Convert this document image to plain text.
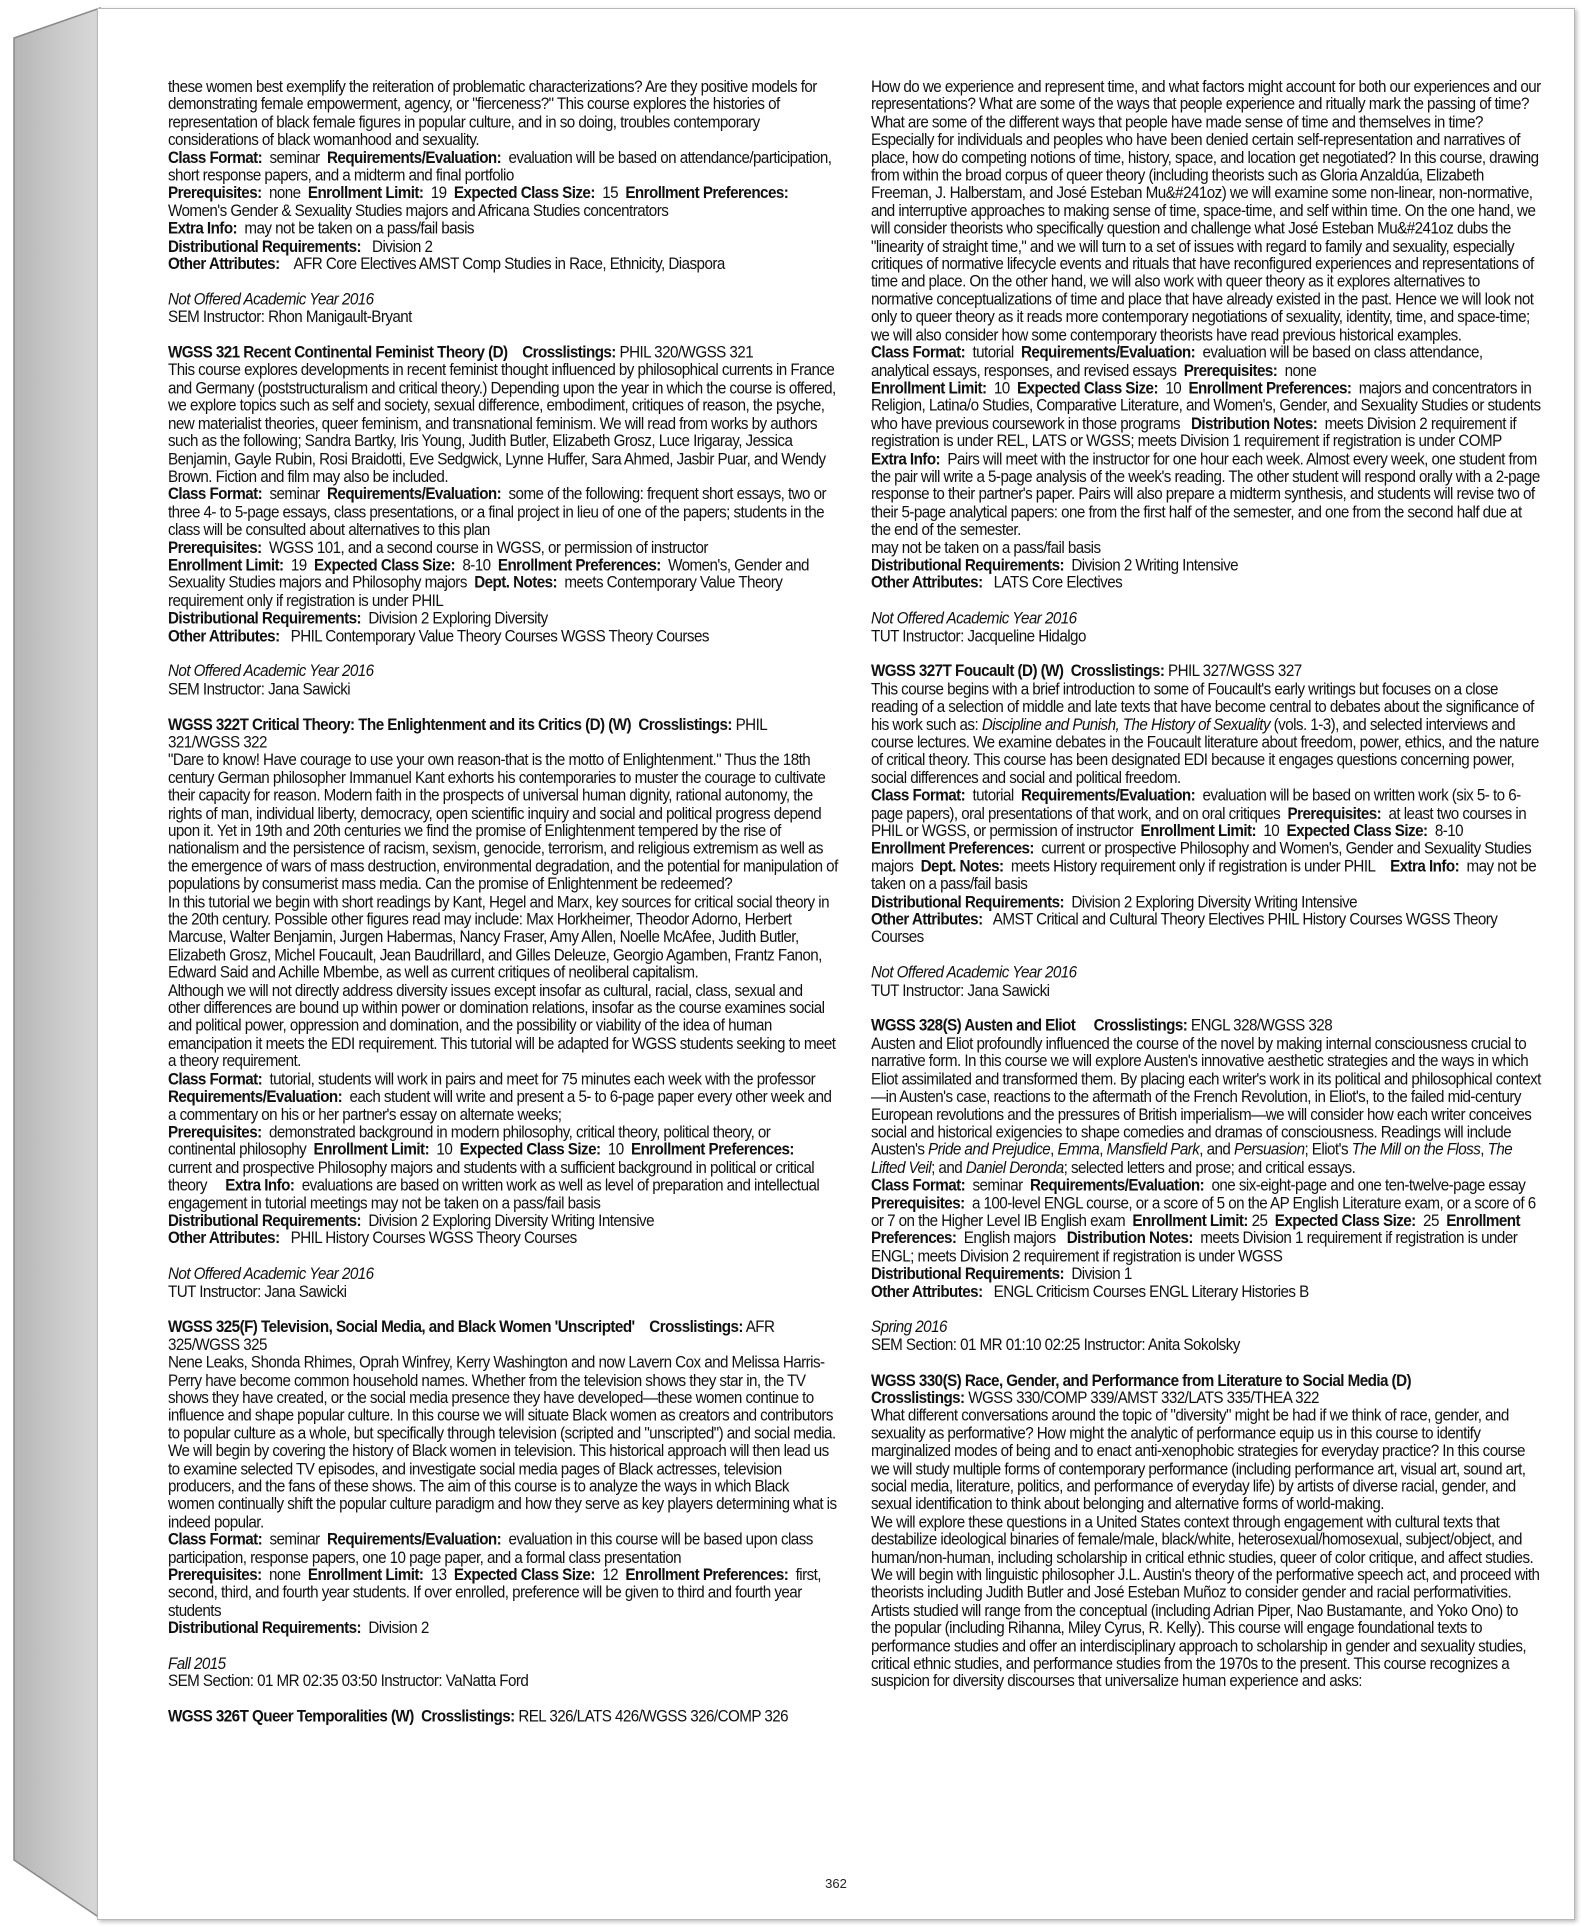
these women best exemplify the reiteration of problematic characterizations? Are they positive models for demonstrating female empowerment, agency, or "fierceness?" This course explores the histories of representation of black female figures in popular culture, and in so doing, troubles contemporary considerations of black womanhood and sexuality.

Class Format: seminar Requirements/Evaluation: evaluation will be based on attendance/participation, short response papers, and a midterm and final portfolio

Prerequisites: none Enrollment Limit: 19 Expected Class Size: 15 Enrollment Preferences:  Women's Gender & Sexuality Studies majors and Africana Studies concentrators

Extra Info: may not be taken on a pass/fail basis

Distributional Requirements: Division 2

Other Attributes: AFR Core Electives AMST Comp Studies in Race, Ethnicity, Diaspora

Not Offered Academic Year 2016

SEM Instructor: Rhon Manigault-Bryant

WGSS 321 Recent Continental Feminist Theory (D) Crosslistings: PHIL 320/WGSS 321

This course explores developments in recent feminist thought influenced by philosophical currents in France and Germany (poststructuralism and critical theory.) Depending upon the year in which the course is offered, we explore topics such as self and society, sexual difference, embodiment, critiques of reason, the psyche, new materialist theories, queer feminism, and transnational feminism. We will read from works by authors such as the following; Sandra Bartky, Iris Young, Judith Butler, Elizabeth Grosz, Luce Irigaray, Jessica Benjamin, Gayle Rubin, Rosi Braidotti, Eve Sedgwick, Lynne Huffer, Sara Ahmed, Jasbir Puar, and Wendy Brown. Fiction and film may also be included.

Class Format: seminar Requirements/Evaluation: some of the following: frequent short essays, two or three 4- to 5-page essays, class presentations, or a final project in lieu of one of the papers; students in the class will be consulted about alternatives to this plan

Prerequisites: WGSS 101, and a second course in WGSS, or permission of instructor

Enrollment Limit: 19 Expected Class Size: 8-10 Enrollment Preferences: Women's, Gender and Sexuality Studies majors and Philosophy majors Dept. Notes: meets Contemporary Value Theory requirement only if registration is under PHIL

Distributional Requirements: Division 2 Exploring Diversity

Other Attributes: PHIL Contemporary Value Theory Courses WGSS Theory Courses

Not Offered Academic Year 2016

SEM Instructor: Jana Sawicki

WGSS 322T Critical Theory: The Enlightenment and its Critics (D) (W) Crosslistings: PHIL 321/WGSS 322

"Dare to know! Have courage to use your own reason-that is the motto of Enlightenment." Thus the 18th century German philosopher Immanuel Kant exhorts his contemporaries to muster the courage to cultivate their capacity for reason. Modern faith in the prospects of universal human dignity, rational autonomy, the rights of man, individual liberty, democracy, open scientific inquiry and social and political progress depend upon it. Yet in 19th and 20th centuries we find the promise of Enlightenment tempered by the rise of nationalism and the persistence of racism, sexism, genocide, terrorism, and religious extremism as well as the emergence of wars of mass destruction, environmental degradation, and the potential for manipulation of populations by consumerist mass media. Can the promise of Enlightenment be redeemed?

In this tutorial we begin with short readings by Kant, Hegel and Marx, key sources for critical social theory in the 20th century. Possible other figures read may include: Max Horkheimer, Theodor Adorno, Herbert Marcuse, Walter Benjamin, Jurgen Habermas, Nancy Fraser, Amy Allen, Noelle McAfee, Judith Butler, Elizabeth Grosz, Michel Foucault, Jean Baudrillard, and Gilles Deleuze, Georgio Agamben, Frantz Fanon, Edward Said and Achille Mbembe, as well as current critiques of neoliberal capitalism.

Although we will not directly address diversity issues except insofar as cultural, racial, class, sexual and other differences are bound up within power or domination relations, insofar as the course examines social and political power, oppression and domination, and the possibility or viability of the idea of human emancipation it meets the EDI requirement. This tutorial will be adapted for WGSS students seeking to meet a theory requirement.

Class Format: tutorial, students will work in pairs and meet for 75 minutes each week with the professor  Requirements/Evaluation: each student will write and present a 5- to 6-page paper every other week and a commentary on his or her partner's essay on alternate weeks;

Prerequisites: demonstrated background in modern philosophy, critical theory, political theory, or continental philosophy Enrollment Limit: 10 Expected Class Size: 10 Enrollment Preferences:  current and prospective Philosophy majors and students with a sufficient background in political or critical theory Extra Info: evaluations are based on written work as well as level of preparation and intellectual engagement in tutorial meetings may not be taken on a pass/fail basis

Distributional Requirements: Division 2 Exploring Diversity Writing Intensive

Other Attributes: PHIL History Courses WGSS Theory Courses

Not Offered Academic Year 2016

TUT Instructor: Jana Sawicki

WGSS 325(F) Television, Social Media, and Black Women 'Unscripted' Crosslistings: AFR 325/WGSS 325

Nene Leaks, Shonda Rhimes, Oprah Winfrey, Kerry Washington and now Lavern Cox and Melissa Harris-Perry have become common household names. Whether from the television shows they star in, the TV shows they have created, or the social media presence they have developed—these women continue to influence and shape popular culture. In this course we will situate Black women as creators and contributors to popular culture as a whole, but specifically through television (scripted and "unscripted") and social media. We will begin by covering the history of Black women in television. This historical approach will then lead us to examine selected TV episodes, and investigate social media pages of Black actresses, television producers, and the fans of these shows. The aim of this course is to analyze the ways in which Black women continually shift the popular culture paradigm and how they serve as key players determining what is indeed popular.

Class Format: seminar Requirements/Evaluation: evaluation in this course will be based upon class participation, response papers, one 10 page paper, and a formal class presentation

Prerequisites: none Enrollment Limit: 13 Expected Class Size: 12 Enrollment Preferences: first, second, third, and fourth year students. If over enrolled, preference will be given to third and fourth year students

Distributional Requirements: Division 2

Fall 2015

SEM Section: 01 MR 02:35 03:50 Instructor: VaNatta Ford

WGSS 326T Queer Temporalities (W) Crosslistings: REL 326/LATS 426/WGSS 326/COMP 326

How do we experience and represent time, and what factors might account for both our experiences and our representations? What are some of the ways that people experience and ritually mark the passing of time? What are some of the different ways that people have made sense of time and themselves in time? Especially for individuals and peoples who have been denied certain self-representation and narratives of place, how do competing notions of time, history, space, and location get negotiated? In this course, drawing from within the broad corpus of queer theory (including theorists such as Gloria Anzaldúa, Elizabeth Freeman, J. Halberstam, and José Esteban Mu&#241oz) we will examine some non-linear, non-normative, and interruptive approaches to making sense of time, space-time, and self within time. On the one hand, we will consider theorists who specifically question and challenge what José Esteban Mu&#241oz dubs the "linearity of straight time," and we will turn to a set of issues with regard to family and sexuality, especially critiques of normative lifecycle events and rituals that have reconfigured experiences and representations of time and place. On the other hand, we will also work with queer theory as it explores alternatives to normative conceptualizations of time and place that have already existed in the past. Hence we will look not only to queer theory as it reads more contemporary negotiations of sexuality, identity, time, and space-time; we will also consider how some contemporary theorists have read previous historical examples.

Class Format: tutorial Requirements/Evaluation: evaluation will be based on class attendance, analytical essays, responses, and revised essays Prerequisites: none

Enrollment Limit: 10 Expected Class Size: 10 Enrollment Preferences: majors and concentrators in Religion, Latina/o Studies, Comparative Literature, and Women's, Gender, and Sexuality Studies or students who have previous coursework in those programs Distribution Notes: meets Division 2 requirement if registration is under REL, LATS or WGSS; meets Division 1 requirement if registration is under COMP  Extra Info: Pairs will meet with the instructor for one hour each week. Almost every week, one student from the pair will write a 5-page analysis of the week's reading. The other student will respond orally with a 2-page response to their partner's paper. Pairs will also prepare a midterm synthesis, and students will revise two of their 5-page analytical papers: one from the first half of the semester, and one from the second half due at the end of the semester.

may not be taken on a pass/fail basis

Distributional Requirements: Division 2 Writing Intensive

Other Attributes: LATS Core Electives

Not Offered Academic Year 2016

TUT Instructor: Jacqueline Hidalgo

WGSS 327T Foucault (D) (W) Crosslistings: PHIL 327/WGSS 327

This course begins with a brief introduction to some of Foucault's early writings but focuses on a close reading of a selection of middle and late texts that have become central to debates about the significance of his work such as: Discipline and Punish, The History of Sexuality (vols. 1-3), and selected interviews and course lectures. We examine debates in the Foucault literature about freedom, power, ethics, and the nature of critical theory. This course has been designated EDI because it engages questions concerning power, social differences and social and political freedom.

Class Format: tutorial Requirements/Evaluation: evaluation will be based on written work (six 5- to 6-page papers), oral presentations of that work, and on oral critiques Prerequisites: at least two courses in PHIL or WGSS, or permission of instructor Enrollment Limit: 10 Expected Class Size: 8-10  Enrollment Preferences: current or prospective Philosophy and Women's, Gender and Sexuality Studies majors Dept. Notes: meets History requirement only if registration is under PHIL Extra Info: may not be taken on a pass/fail basis

Distributional Requirements: Division 2 Exploring Diversity Writing Intensive

Other Attributes: AMST Critical and Cultural Theory Electives PHIL History Courses WGSS Theory Courses

Not Offered Academic Year 2016

TUT Instructor: Jana Sawicki

WGSS 328(S) Austen and Eliot Crosslistings: ENGL 328/WGSS 328

Austen and Eliot profoundly influenced the course of the novel by making internal consciousness crucial to narrative form. In this course we will explore Austen's innovative aesthetic strategies and the ways in which Eliot assimilated and transformed them. By placing each writer's work in its political and philosophical context—in Austen's case, reactions to the aftermath of the French Revolution, in Eliot's, to the failed mid-century European revolutions and the pressures of British imperialism—we will consider how each writer conceives social and historical exigencies to shape comedies and dramas of consciousness. Readings will include Austen's Pride and Prejudice, Emma, Mansfield Park, and Persuasion; Eliot's The Mill on the Floss, The Lifted Veil; and Daniel Deronda; selected letters and prose; and critical essays.

Class Format: seminar Requirements/Evaluation: one six-eight-page and one ten-twelve-page essay  Prerequisites: a 100-level ENGL course, or a score of 5 on the AP English Literature exam, or a score of 6 or 7 on the Higher Level IB English exam Enrollment Limit: 25 Expected Class Size: 25 Enrollment Preferences: English majors Distribution Notes: meets Division 1 requirement if registration is under ENGL; meets Division 2 requirement if registration is under WGSS

Distributional Requirements: Division 1

Other Attributes: ENGL Criticism Courses ENGL Literary Histories B

Spring 2016

SEM Section: 01 MR 01:10 02:25 Instructor: Anita Sokolsky

WGSS 330(S) Race, Gender, and Performance from Literature to Social Media (D)

Crosslistings: WGSS 330/COMP 339/AMST 332/LATS 335/THEA 322

What different conversations around the topic of "diversity" might be had if we think of race, gender, and sexuality as performative? How might the analytic of performance equip us in this course to identify marginalized modes of being and to enact anti-xenophobic strategies for everyday practice? In this course we will study multiple forms of contemporary performance (including performance art, visual art, sound art, social media, literature, politics, and performance of everyday life) by artists of diverse racial, gender, and sexual identification to think about belonging and alternative forms of world-making.

We will explore these questions in a United States context through engagement with cultural texts that destabilize ideological binaries of female/male, black/white, heterosexual/homosexual, subject/object, and human/non-human, including scholarship in critical ethnic studies, queer of color critique, and affect studies. We will begin with linguistic philosopher J.L. Austin's theory of the performative speech act, and proceed with theorists including Judith Butler and José Esteban Muñoz to consider gender and racial performativities. Artists studied will range from the conceptual (including Adrian Piper, Nao Bustamante, and Yoko Ono) to the popular (including Rihanna, Miley Cyrus, R. Kelly). This course will engage foundational texts to performance studies and offer an interdisciplinary approach to scholarship in gender and sexuality studies, critical ethnic studies, and performance studies from the 1970s to the present. This course recognizes a suspicion for diversity discourses that universalize human experience and asks:

362
